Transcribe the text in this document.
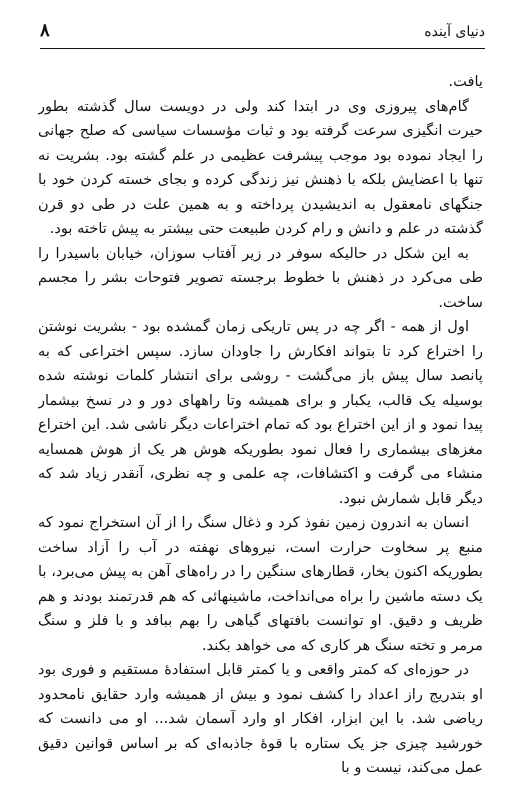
دنیای آینده
۸

یافت.

گام‌های پیروزی وی در ابتدا کند ولی در دویست سال گذشته بطور حیرت انگیزی سرعت گرفته بود و ثبات مؤسسات سیاسی که صلح جهانی را ایجاد نموده بود موجب پیشرفت عظیمی در علم گشته بود. بشریت نه تنها با اعضایش بلکه با ذهنش نیز زندگی کرده و بجای خسته کردن خود با جنگهای نامعقول به اندیشیدن پرداخته و به همین علت در طی دو قرن گذشته در علم و دانش و رام کردن طبیعت حتی بیشتر به پیش تاخته بود.

به این شکل در حالیکه سوفر در زیر آفتاب سوزان، خیابان باسیدرا را طی می‌کرد در ذهنش با خطوط برجسته تصویر فتوحات بشر را مجسم ساخت.

اول از همه - اگر چه در پس تاریکی زمان گمشده بود - بشریت نوشتن را اختراع کرد تا بتواند افکارش را جاودان سازد. سپس اختراعی که به پانصد سال پیش باز می‌گشت - روشی برای انتشار کلمات نوشته شده بوسیله یک قالب، یکبار و برای همیشه وتا راههای دور و در نسخ بیشمار پیدا نمود و از این اختراع بود که تمام اختراعات دیگر ناشی شد. این اختراع مغزهای بیشماری را فعال نمود بطوریکه هوش هر یک از هوش همسایه منشاء می گرفت و اکتشافات، چه علمی و چه نظری، آنقدر زیاد شد که دیگر قابل شمارش نبود.

انسان به اندرون زمین نفوذ کرد و ذغال سنگ را از آن استخراج نمود که منبع پر سخاوت حرارت است، نیروهای نهفته در آب را آزاد ساخت بطوریکه اکنون بخار، قطارهای سنگین را در راه‌های آهن به پیش می‌برد، با یک دسته ماشین را براه می‌انداخت، ماشینهائی که هم قدرتمند بودند و هم ظریف و دقیق. او توانست بافتهای گیاهی را بهم ببافد و با فلز و سنگ مرمر و تخته سنگ هر کاری که می خواهد بکند.

در حوزه‌ای که کمتر واقعی و یا کمتر قابل استفادهٔ مستقیم و فوری بود او بتدریج راز اعداد را کشف نمود و بیش از همیشه وارد حقایق نامحدود ریاضی شد. با این ابزار، افکار او وارد آسمان شد... او می دانست که خورشید چیزی جز یک ستاره با قوهٔ جاذبه‌ای که بر اساس قوانین دقیق عمل می‌کند، نیست و با
